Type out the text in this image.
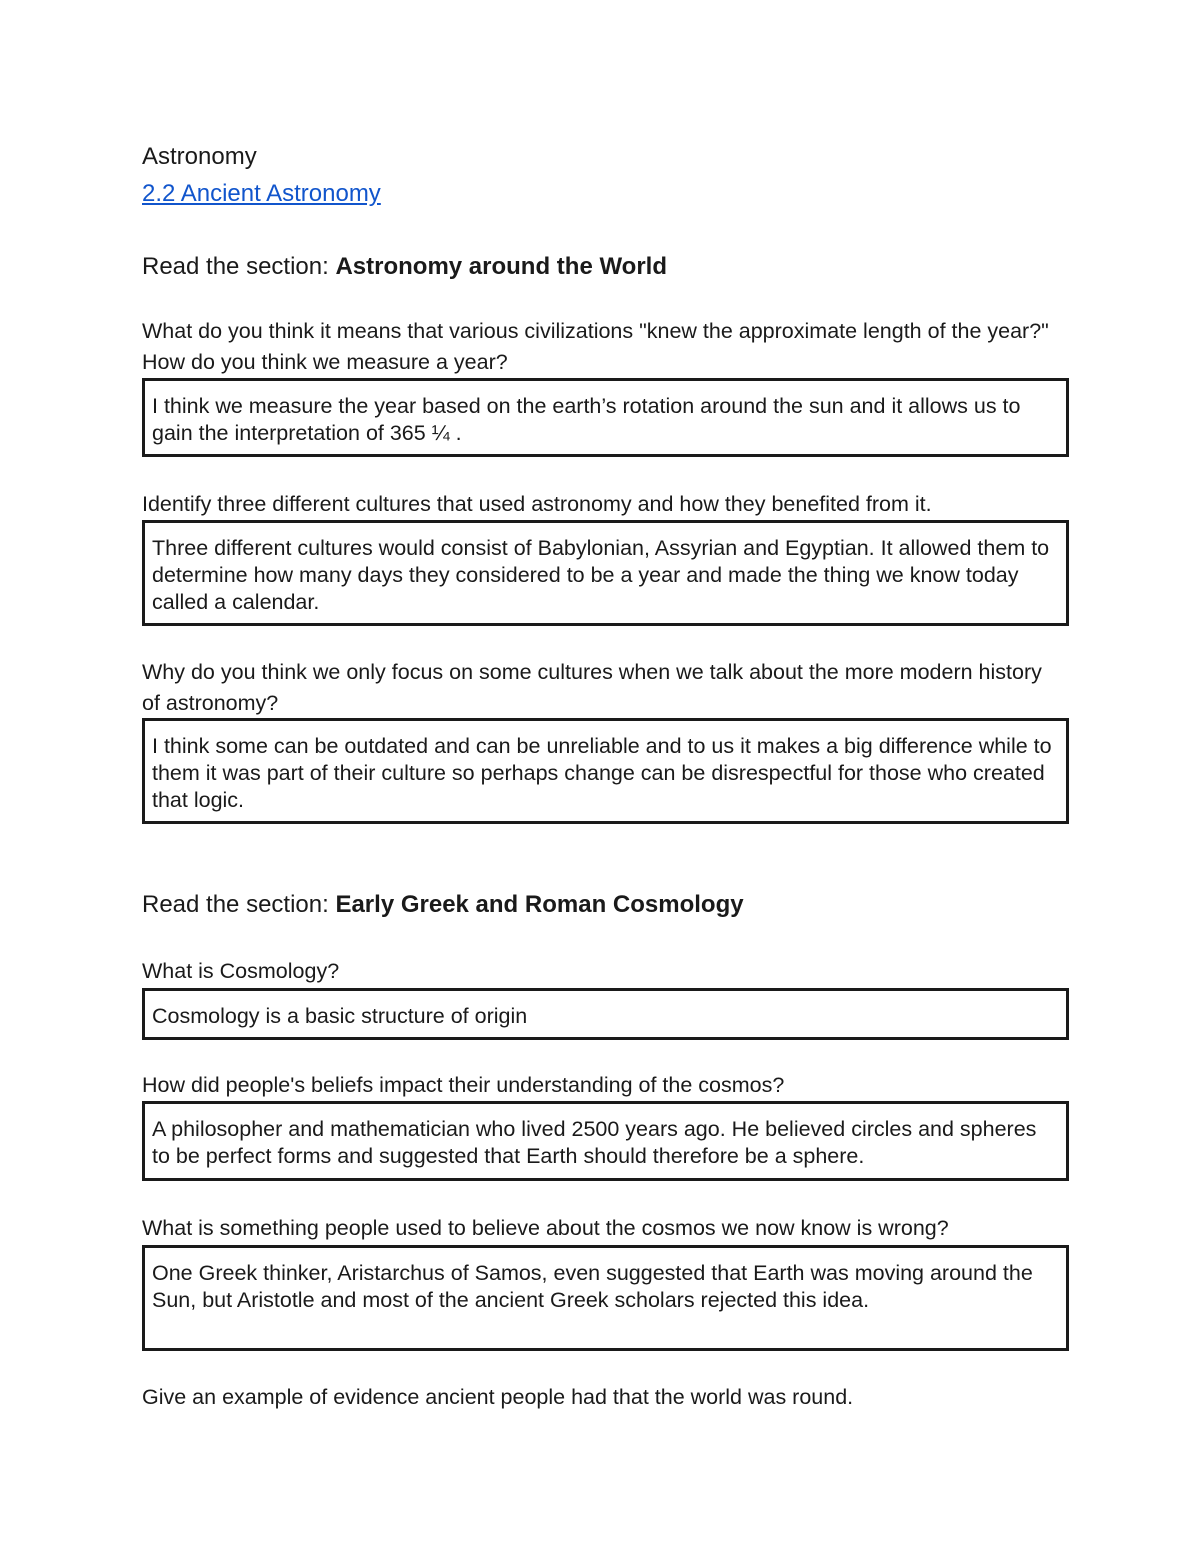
Astronomy
2.2 Ancient Astronomy
Read the section: Astronomy around the World
What do you think it means that various civilizations "knew the approximate length of the year?" How do you think we measure a year?
I think we measure the year based on the earth’s rotation around the sun and it allows us to gain the interpretation of 365 ¼ .
Identify three different cultures that used astronomy and how they benefited from it.
Three different cultures would consist of Babylonian, Assyrian and Egyptian. It allowed them to determine how many days they considered to be a year and made the thing we know today called a calendar.
Why do you think we only focus on some cultures when we talk about the more modern history of astronomy?
I think some can be outdated and can be unreliable and to us it makes a big difference while to them it was part of their culture so perhaps change can be disrespectful for those who created that logic.
Read the section: Early Greek and Roman Cosmology
What is Cosmology?
Cosmology is a basic structure of origin
How did people's beliefs impact their understanding of the cosmos?
A philosopher and mathematician who lived 2500 years ago. He believed circles and spheres to be perfect forms and suggested that Earth should therefore be a sphere.
What is something people used to believe about the cosmos we now know is wrong?
One Greek thinker, Aristarchus of Samos, even suggested that Earth was moving around the Sun, but Aristotle and most of the ancient Greek scholars rejected this idea.
Give an example of evidence ancient people had that the world was round.
